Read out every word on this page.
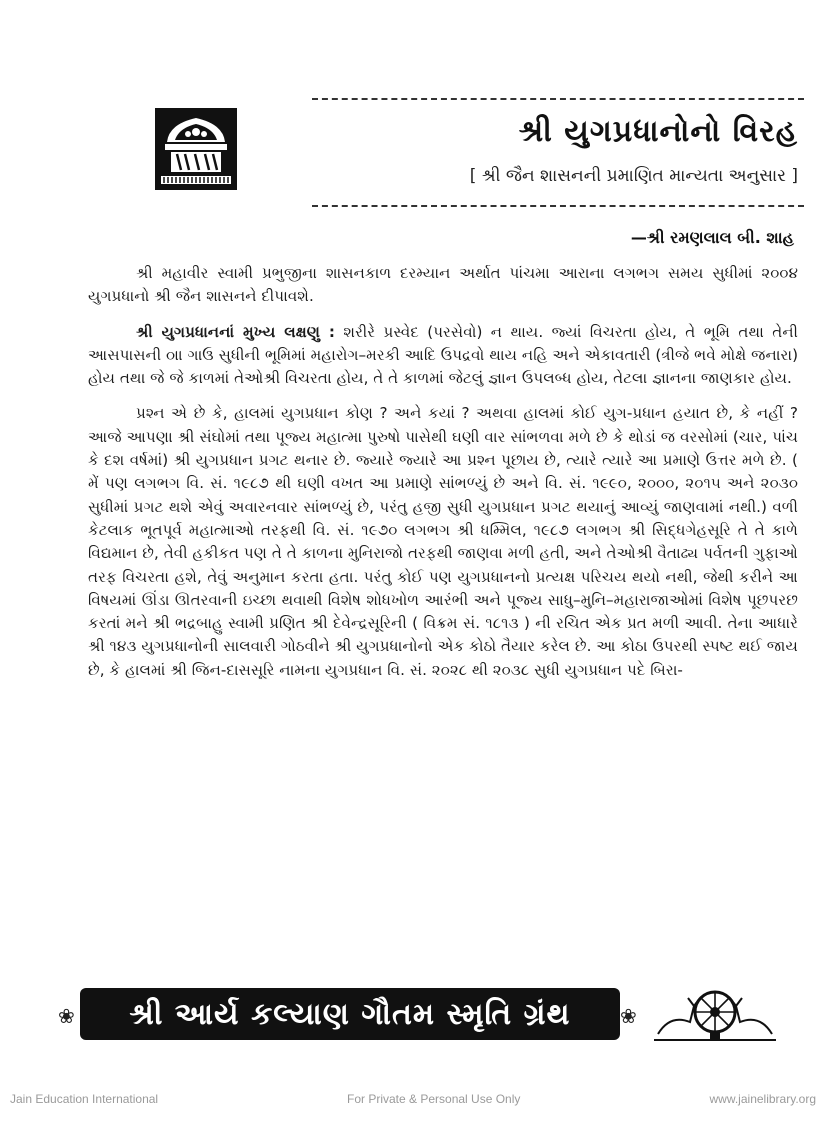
શ્રી યુગપ્રધાનોનો વિરહ
[ શ્રી જૈન શાસનની પ્રમાણિત માન્યતા અનુસાર ]
—શ્રી રમણલાલ બી. શાહ

શ્રી મહાવીર સ્વામી પ્રભુજીના શાસનકાળ દરમ્યાન અર્થાત પાંચમા આરાના લગભગ સમય સુધીમાં ૨૦૦૪ યુગપ્રધાનો શ્રી જૈન શાસનને દીપાવશે.

શ્રી યુગપ્રધાનનાં મુખ્ય લક્ષણુ : શરીરે પ્રસ્વેદ (પરસેવો) ન થાય. જ્યાં વિચરતા હોય, તે ભૂમિ તથા તેની આસપાસની ૦ાા ગાઉ સુધીની ભૂમિમાં મહારોગ–મરકી આદિ ઉપદ્રવો થાય નહિ અને એકાવતારી (ત્રીજે ભવે મોક્ષે જનારા) હોય તથા જે જે કાળમાં તેઓશ્રી વિચરતા હોય, તે તે કાળમાં જેટલું જ્ઞાન ઉપલબ્ધ હોય, તેટલા જ્ઞાનના જાણકાર હોય.

પ્રશ્ન એ છે કે, હાલમાં યુગપ્રધાન કોણ ? અને કયાં ? અથવા હાલમાં કોઈ યુગ-પ્રધાન હયાત છે, કે નહીં ? આજે આપણા શ્રી સંઘોમાં તથા પૂજ્ય મહાત્મા પુરુષો પાસેથી ઘણી વાર સાંભળવા મળે છે કે થોડાં જ વરસોમાં (ચાર, પાંચ કે દશ વર્ષમાં) શ્રી યુગપ્રધાન પ્રગટ થનાર છે. જ્યારે જ્યારે આ પ્રશ્ન પૂછાય છે, ત્યારે ત્યારે આ પ્રમાણે ઉત્તર મળે છે. ( મેં પણ લગભગ વિ. સં. ૧૯૮૭ થી ઘણી વખત આ પ્રમાણે સાંભળ્યું છે અને વિ. સં. ૧૯૯૦, ૨૦૦૦, ૨૦૧૫ અને ૨૦૩૦ સુધીમાં પ્રગટ થશે એવું અવારનવાર સાંભળ્યું છે, પરંતુ હજી સુધી યુગપ્રધાન પ્રગટ થયાનું આવ્યું જાણવામાં નથી.) વળી કેટલાક ભૂતપૂર્વ મહાત્માઓ તરફથી વિ. સં. ૧૯૭૦ લગભગ શ્રી ધમ્મિલ, ૧૯૮૭ લગભગ શ્રી સિદ્ધગેહસૂરિ તે તે કાળે વિદ્યમાન છે, તેવી હકીકત પણ તે તે કાળના મુનિરાજો તરફથી જાણવા મળી હતી, અને તેઓશ્રી વૈતાઢ્ય પર્વતની ગુફાઓ તરફ વિચરતા હશે, તેવું અનુમાન કરતા હતા. પરંતુ કોઈ પણ યુગપ્રધાનનો પ્રત્યક્ષ પરિચય થયો નથી, જેથી કરીને આ વિષયમાં ઊંડા ઊતરવાની ઇચ્છા થવાથી વિશેષ શોધખોળ આરંભી અને પૂજ્ય સાધુ–મુનિ–મહારાજાઓમાં વિશેષ પૂછપરછ કરતાં મને શ્રી ભદ્રબાહુ સ્વામી પ્રણિત શ્રી દેવેન્દ્રસૂરિની ( વિક્રમ સં. ૧૮૧૩ ) ની રચિત એક પ્રત મળી આવી. તેના આધારે શ્રી ૧૪૩ યુગપ્રધાનોની સાલવારી ગોઠવીને શ્રી યુગપ્રધાનોનો એક કોઠો તૈયાર કરેલ છે. આ કોઠા ઉપરથી સ્પષ્ટ થઈ જાય છે, કે હાલમાં શ્રી જિન-દાસસૂરિ નામના યુગપ્રધાન વિ. સં. ૨૦૨૮ થી ૨૦૩૮ સુધી યુગપ્રધાન પદે બિરા-

❀	શ્રી આર્ય કલ્યાણ ગૌતમ સ્મૃતિ ગ્રંથ	❀
Jain Education International	For Private & Personal Use Only	www.jainelibrary.org
